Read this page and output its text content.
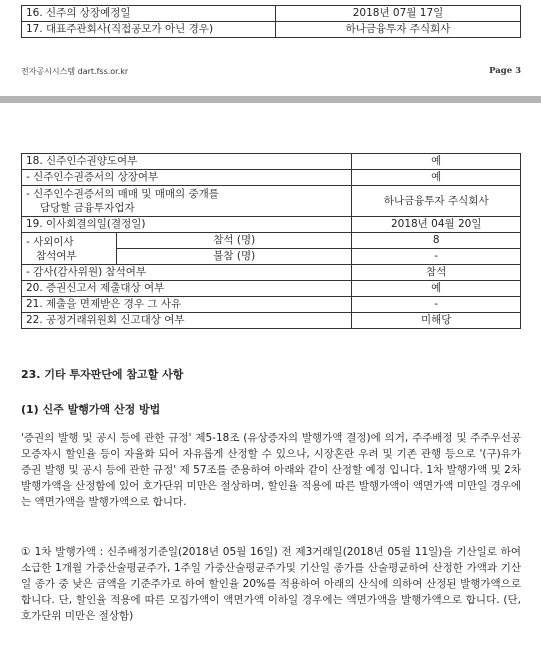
16. 신주의 상장예정일	2018년 07월 17일
17. 대표주관회사(직접공모가 아닌 경우)	하나금융투자 주식회사
전자공시시스템 dart.fss.or.kr	Page 3
18. 신주인수권양도여부		예
- 신주인수권증서의 상장여부		예

- 신주인수권증서의 매매 및 매매의 중개를
담당할 금융투자업자		하나금융투자 주식회사
19. 이사회결의일(결정일)		2018년 04월 20일

- 사외이사
참석여부	참석 (명)	8
	불참 (명)	-
- 감사(감사위원) 참석여부		참석
20. 증권신고서 제출대상 여부		예
21. 제출을 면제받은 경우 그 사유		-
22. 공정거래위원회 신고대상 여부		미해당
23. 기타 투자판단에 참고할 사항
(1) 신주 발행가액 산정 방법
'증권의 발행 및 공시 등에 관한 규정' 제5-18조 (유상증자의 발행가액 결정)에 의거, 주주배정 및 주주우선공모증자시 할인율 등이 자율화 되어 자유롭게 산정할 수 있으나, 시장혼란 우려 및 기존 관행 등으로 '(구)유가증권 발행 및 공시 등에 관한 규정' 제 57조를 준용하여 아래와 같이 산정할 예정 입니다. 1차 발행가액 및 2차 발행가액을 산정함에 있어 호가단위 미만은 절상하며, 할인율 적용에 따른 발행가액이 액면가액 미만일 경우에는 액면가액을 발행가액으로 합니다.
① 1차 발행가액 : 신주배정기준일(2018년 05월 16일) 전 제3거래일(2018년 05월 11일)을 기산일로 하여 소급한 1개월 가중산술평균주가, 1주일 가중산술평균주가및 기산일 종가를 산술평균하여 산정한 가액과 기산일 종가 중 낮은 금액을 기준주가로 하여 할인율 20%를 적용하여 아래의 산식에 의하여 산정된 발행가액으로 합니다. 단, 할인율 적용에 따른 모집가액이 액면가액 이하일 경우에는 액면가액을 발행가액으로 합니다. (단, 호가단위 미만은 절상함)
